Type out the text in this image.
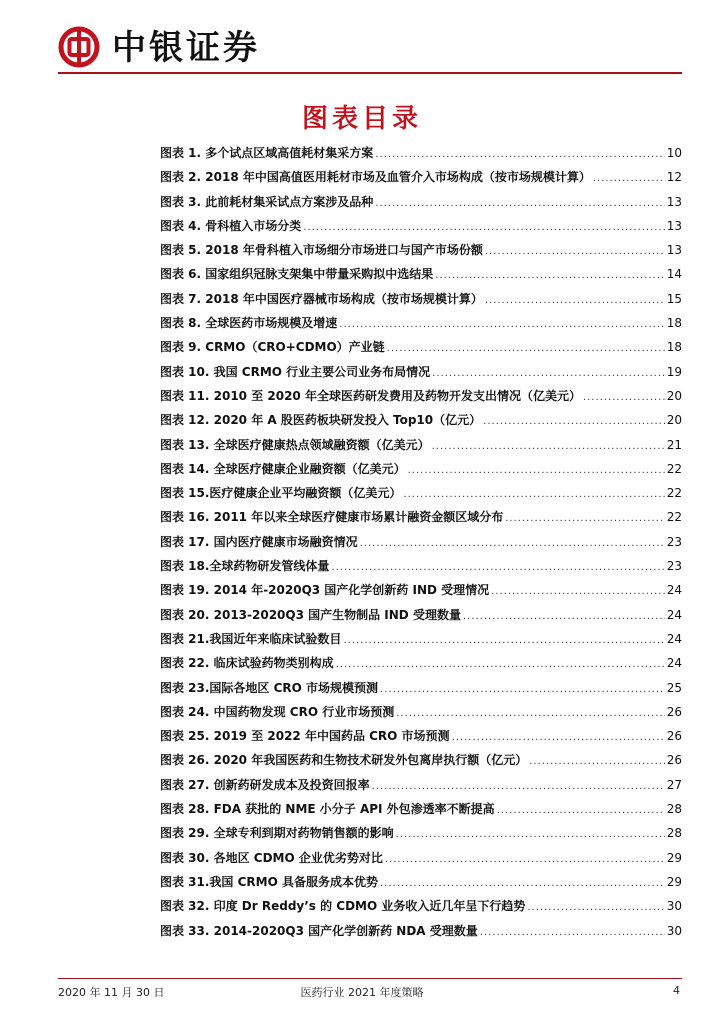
中银证券
图表目录
图表 1. 多个试点区域高值耗材集采方案 .....	10
图表 2. 2018 年中国高值医用耗材市场及血管介入市场构成（按市场规模计算） .....	12
图表 3. 此前耗材集采试点方案涉及品种 .....	13
图表 4. 骨科植入市场分类 .....	13
图表 5. 2018 年骨科植入市场细分市场进口与国产市场份额 .....	13
图表 6. 国家组织冠脉支架集中带量采购拟中选结果 .....	14
图表 7. 2018 年中国医疗器械市场构成（按市场规模计算） .....	15
图表 8. 全球医药市场规模及增速 .....	18
图表 9. CRMO（CRO+CDMO）产业链 .....	18
图表 10. 我国 CRMO 行业主要公司业务布局情况 .....	19
图表 11. 2010 至 2020 年全球医药研发费用及药物开发支出情况（亿美元） .....	20
图表 12. 2020 年 A 股医药板块研发投入 Top10（亿元） .....	20
图表 13. 全球医疗健康热点领域融资额（亿美元） .....	21
图表 14. 全球医疗健康企业融资额（亿美元） .....	22
图表 15.医疗健康企业平均融资额（亿美元） .....	22
图表 16. 2011 年以来全球医疗健康市场累计融资金额区域分布 .....	22
图表 17. 国内医疗健康市场融资情况 .....	23
图表 18.全球药物研发管线体量 .....	23
图表 19. 2014 年-2020Q3 国产化学创新药 IND 受理情况 .....	24
图表 20. 2013-2020Q3 国产生物制品 IND 受理数量 .....	24
图表 21.我国近年来临床试验数目 .....	24
图表 22. 临床试验药物类别构成 .....	24
图表 23.国际各地区 CRO 市场规模预测 .....	25
图表 24. 中国药物发现 CRO 行业市场预测 .....	26
图表 25. 2019 至 2022 年中国药品 CRO 市场预测 .....	26
图表 26. 2020 年我国医药和生物技术研发外包离岸执行额（亿元） .....	26
图表 27. 创新药研发成本及投资回报率 .....	27
图表 28. FDA 获批的 NME 小分子 API 外包渗透率不断提高 .....	28
图表 29. 全球专利到期对药物销售额的影响 .....	28
图表 30. 各地区 CDMO 企业优劣势对比 .....	29
图表 31.我国 CRMO 具备服务成本优势 .....	29
图表 32. 印度 Dr Reddy’s 的 CDMO 业务收入近几年呈下行趋势 .....	30
图表 33. 2014-2020Q3 国产化学创新药 NDA 受理数量 .....	30
2020 年 11 月 30 日	医药行业 2021 年度策略	4
